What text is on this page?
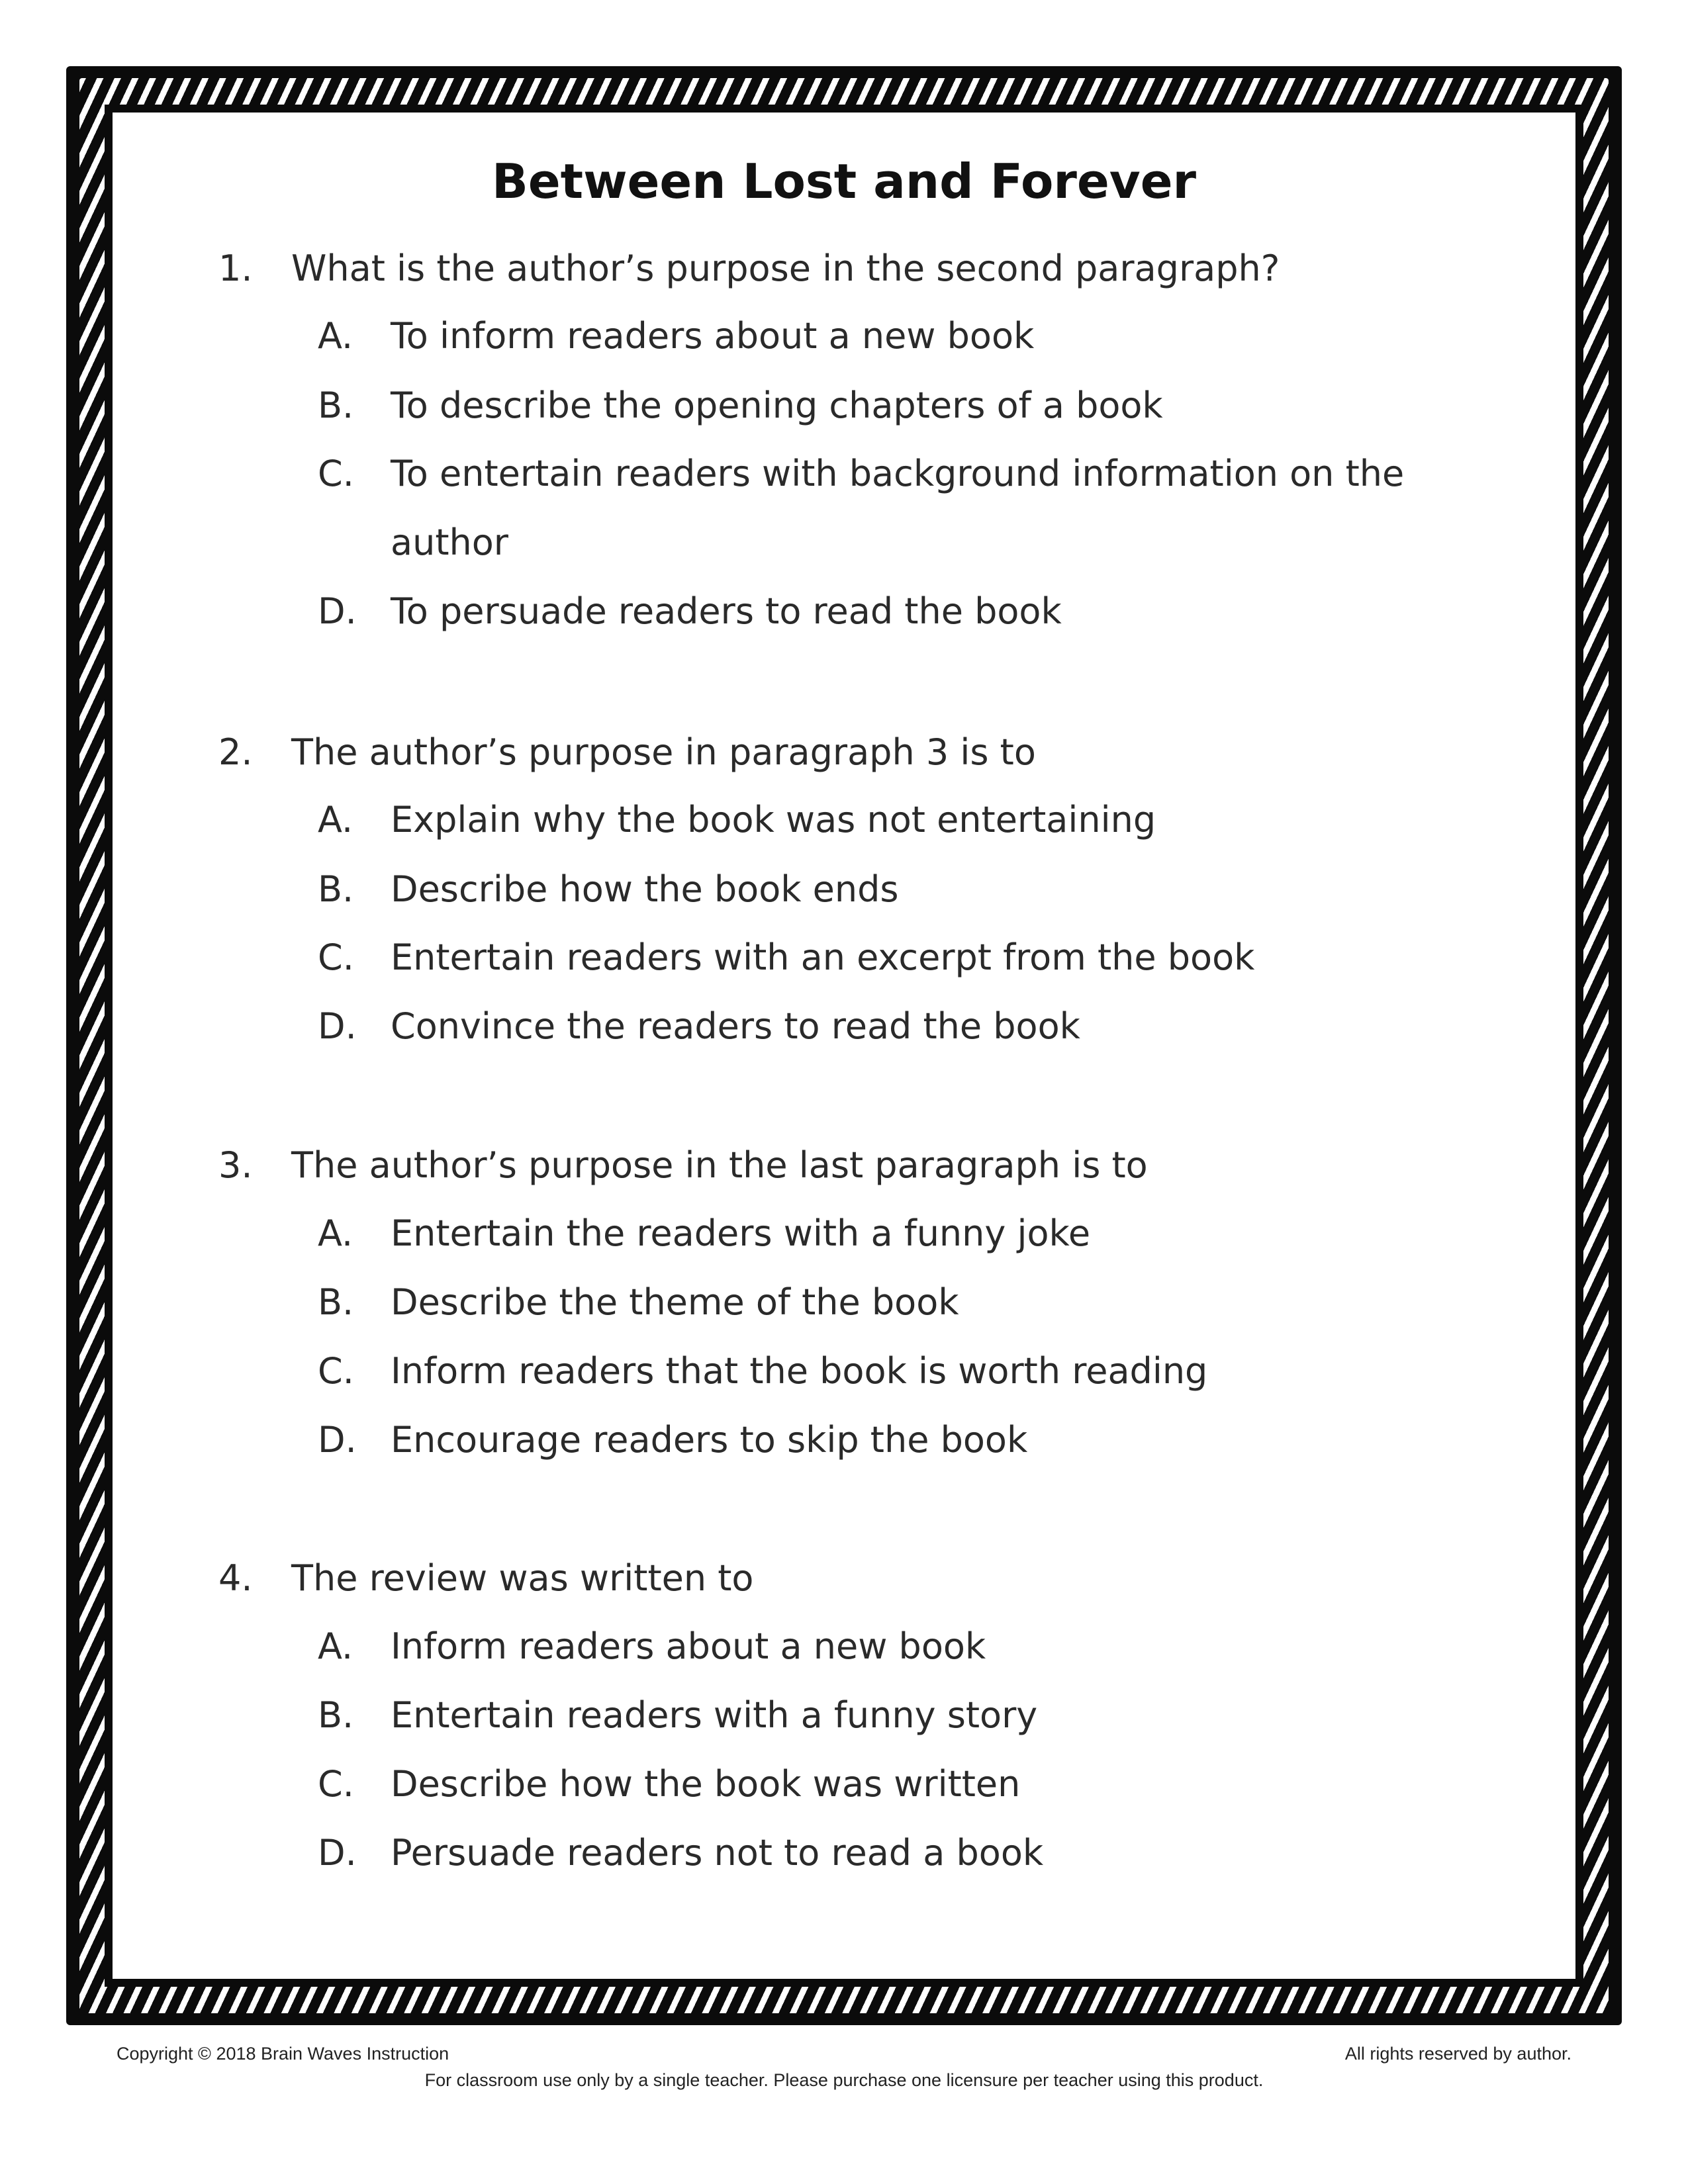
Between Lost and Forever
1.	What is the author’s purpose in the second paragraph?
A.	To inform readers about a new book
B.	To describe the opening chapters of a book
C.	To entertain readers with background information on the
author
D. To persuade readers to read the book
2.	The author’s purpose in paragraph 3 is to
A.	Explain why the book was not entertaining
B.	Describe how the book ends
C.	Entertain readers with an excerpt from the book
D. Convince the readers to read the book
3.	The author’s purpose in the last paragraph is to
A.	Entertain the readers with a funny joke
B.	Describe the theme of the book
C.	Inform readers that the book is worth reading
D. Encourage readers to skip the book
4.	The review was written to
A.	Inform readers about a new book
B.	Entertain readers with a funny story
C.	Describe how the book was written
D. Persuade readers not to read a book
Copyright © 2018 Brain Waves Instruction	All rights reserved by author.
For classroom use only by a single teacher. Please purchase one licensure per teacher using this product.
